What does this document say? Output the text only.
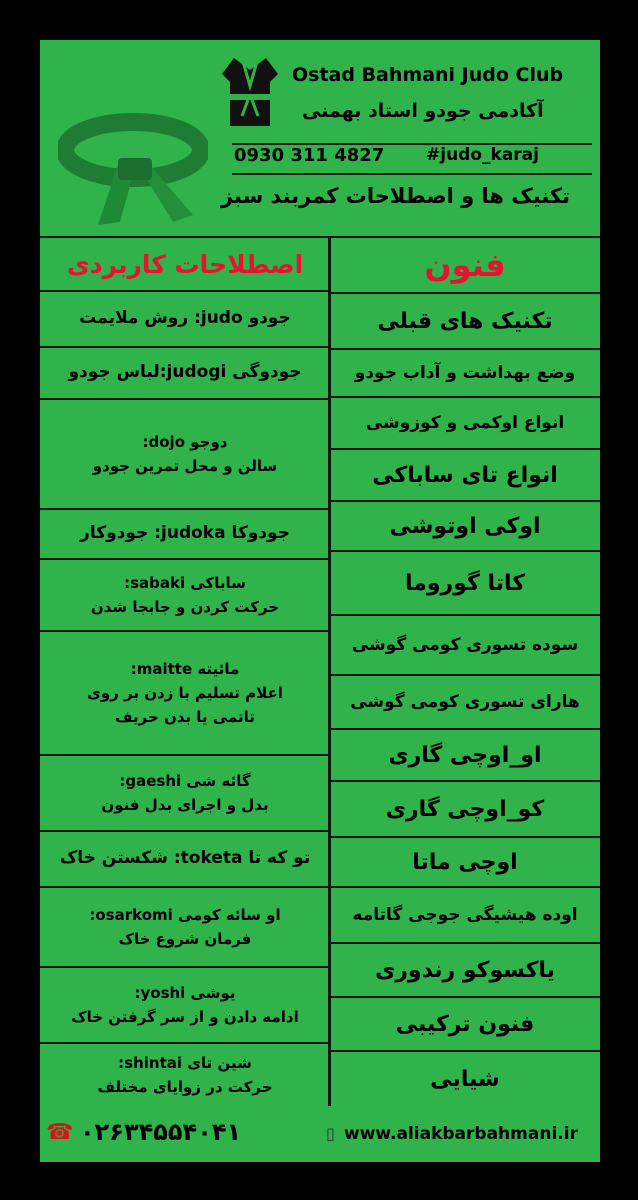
Ostad Bahmani Judo Club
آکادمی جودو استاد بهمنی
0930 311 4827 #judo_karaj
تکنیک ها و اصطلاحات کمربند سبز
اصطلاحات کاربردی
جودو judo: روش ملایمت
جودوگی judogi:لباس جودو
دوجو dojo:
سالن و محل تمرین جودو
جودوکا judoka: جودوکار
ساباکی sabaki:
حرکت کردن و جابجا شدن
مائیته maitte:
اعلام تسلیم با زدن بر روی
تاتمی یا بدن حریف
گائه شی gaeshi:
بدل و اجرای بدل فنون
تو که تا toketa: شکستن خاک
او سائه کومی osarkomi:
فرمان شروع خاک
یوشی yoshi:
ادامه دادن و از سر گرفتن خاک
شین تای shintai:
حرکت در زوایای مختلف
فنون
تکنیک های قبلی
وضع بهداشت و آداب جودو
انواع اوکمی و کوزوشی
انواع تای ساباکی
اوکی اوتوشی
کاتا گوروما
سوده تسوری کومی گوشی
هارای تسوری کومی گوشی
او_اوچی گاری
کو_اوچی گاری
اوچی ماتا
اوده هیشیگی جوجی گاتامه
یاکسوکو رندوری
فنون ترکیبی
شیایی
☎ ۰۲۶۳۴۵۵۴۰۴۱	▯ www.aliakbarbahmani.ir
